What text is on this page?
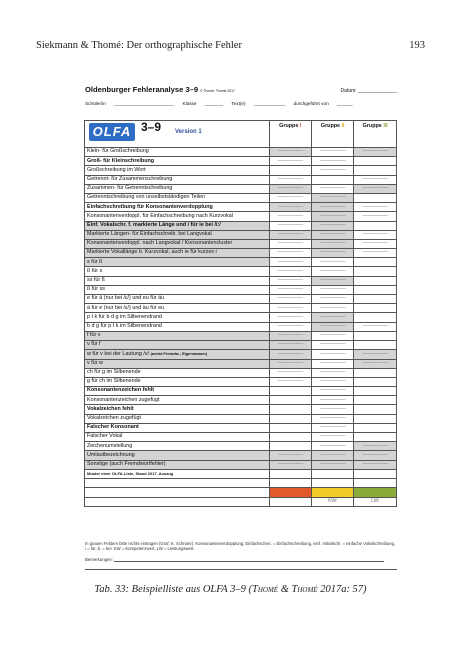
Siekmann & Thomé: Der orthographische Fehler	193
Oldenburger Fehleranalyse 3–9 © Thomé, Thomé 2017	Datum: ______________
Schüler/in _______________________ Klasse _______ Text(e) ____________ durchgeführt von ______
OLFA 3–9 Version 1	Gruppe I	Gruppe II	Gruppe III
Klein- für Großschreibung	-----------------	-----------------	-----------------
Groß- für Kleinschreibung	-----------------	-----------------	
Großschreibung im Wort		-----------------	
Getrennt- für Zusammenschreibung	-----------------		-----------------
Zusammen- für Getrenntschreibung	-----------------	-----------------	-----------------
Getrenntschreibung von unselbstständigen Teilen	-----------------	-----------------	
Einfachschreibung für Konsonantenverdopplung	-----------------	-----------------	-----------------
Konsonantenverdoppl. für Einfachschreibung nach Kurzvokal	-----------------	-----------------	-----------------
Einf. Vokalschr. f. markierte Länge und i für ie bei /i:/	-----------------	-----------------	
Markierte Längen- für Einfachschreib. bei Langvokal	-----------------	-----------------	-----------------
Konsonantenverdoppl. nach Langvokal / Konsonantencluster	-----------------	-----------------	-----------------
Markierte Vokallänge b. Kurzvokal, auch ie für kurzes i	-----------------	-----------------	-----------------
s für ß	-----------------	-----------------	
ß für s	-----------------	-----------------	
ss für ß	-----------------	-----------------	
ß für ss	-----------------	-----------------	
e für ä (nur bei /ɛ/) und eu für äu	-----------------	-----------------	
ä für e (nur bei /ɛ/) und äu für eu	-----------------	-----------------	
p t k für b d g im Silbenendrand	-----------------	-----------------	
b d g für p t k im Silbenendrand	-----------------	-----------------	-----------------
f für v	-----------------	-----------------	
v für f	-----------------	-----------------	
w für v bei der Lautung /v/ (meist Fremdw., Eigennamen)	-----------------	-----------------	-----------------
v für w	-----------------	-----------------	-----------------
ch für g im Silbenende	-----------------	-----------------	
g für ch im Silbenende	-----------------	-----------------	
Konsonantenzeichen fehlt		-----------------	
Konsonantenzeichen zugefügt		-----------------	
Vokalzeichen fehlt		-----------------	
Vokalzeichen zugefügt		-----------------	
Falscher Konsonant		-----------------	
Falscher Vokal		-----------------	
Zeichenumstellung		-----------------	-----------------
Umlautbezeichnung	-----------------	-----------------	-----------------
Sonstige (auch Fremdwortfehler)	-----------------	-----------------	-----------------
Muster einer OLFA-Liste, Stand 2017, Auszug			

		KW:	LW:
In grauen Feldern bitte nichts eintragen (Graf: K. Schnare). Konsonantenverdopplung; Einfachschrei. = Einfachschreibung, einf. Vokalschr. = einfache Vokalschreibung, i = für, b. = bei. KW = Kompetenzwert, LW = Leistungswert.
Bemerkungen:
Tab. 33: Beispielliste aus OLFA 3–9 (Thomé & Thomé 2017a: 57)
